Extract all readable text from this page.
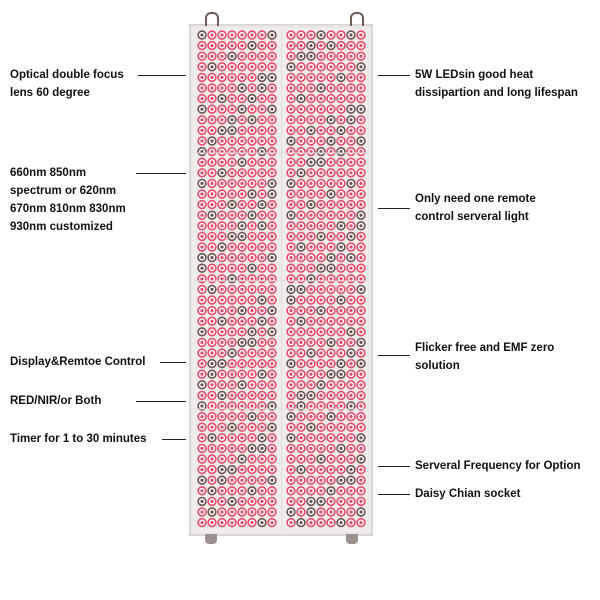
Optical double focus
lens 60 degree
660nm 850nm
spectrum or 620nm
670nm 810nm 830nm
930nm customized
Display&Remtoe Control
RED/NIR/or Both
Timer for 1 to 30 minutes
5W LEDsin good heat
dissipartion and long lifespan
Only need one remote
control serveral light
Flicker free and EMF zero
solution
Serveral Frequency for Option
Daisy Chian socket
